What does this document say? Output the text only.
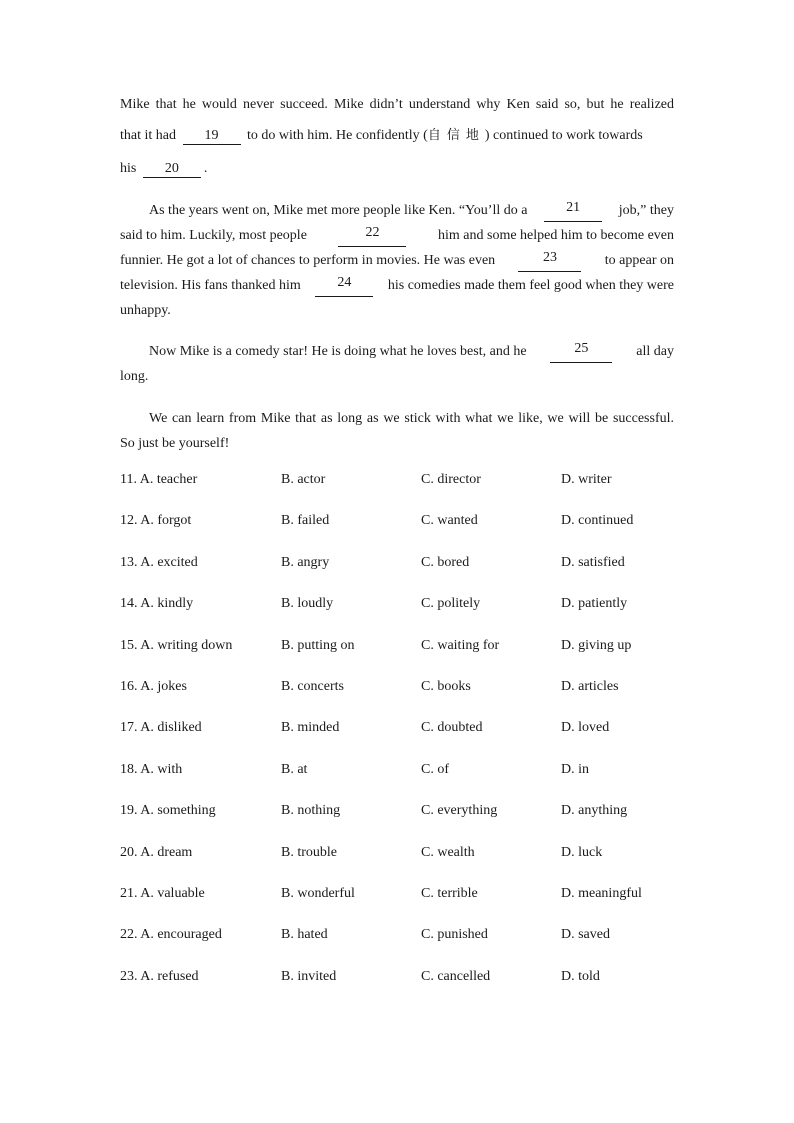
Mike that he would never succeed. Mike didn’t understand why Ken said so, but he realized
that it had 19 to do with him. He confidently (自信地) continued to work towards
his 20 .
As the years went on, Mike met more people like Ken. “You’ll do a	21	job,” they
said to him. Luckily, most people	22	him and some helped him to become even
funnier. He got a lot of chances to perform in movies. He was even	23	to appear on
television. His fans thanked him	24	his comedies made them feel good when they were
unhappy.
Now Mike is a comedy star! He is doing what he loves best, and he	25	all day
long.
We can learn from Mike that as long as we stick with what we like, we will be successful.
So just be yourself!
11. A. teacher	B. actor	C. director	D. writer
12. A. forgot	B. failed	C. wanted	D. continued
13. A. excited	B. angry	C. bored	D. satisfied
14. A. kindly	B. loudly	C. politely	D. patiently
15. A. writing down	B. putting on	C. waiting for	D. giving up
16. A. jokes	B. concerts	C. books	D. articles
17. A. disliked	B. minded	C. doubted	D. loved
18. A. with	B. at	C. of	D. in
19. A. something	B. nothing	C. everything	D. anything
20. A. dream	B. trouble	C. wealth	D. luck
21. A. valuable	B. wonderful	C. terrible	D. meaningful
22. A. encouraged	B. hated	C. punished	D. saved
23. A. refused	B. invited	C. cancelled	D. told
